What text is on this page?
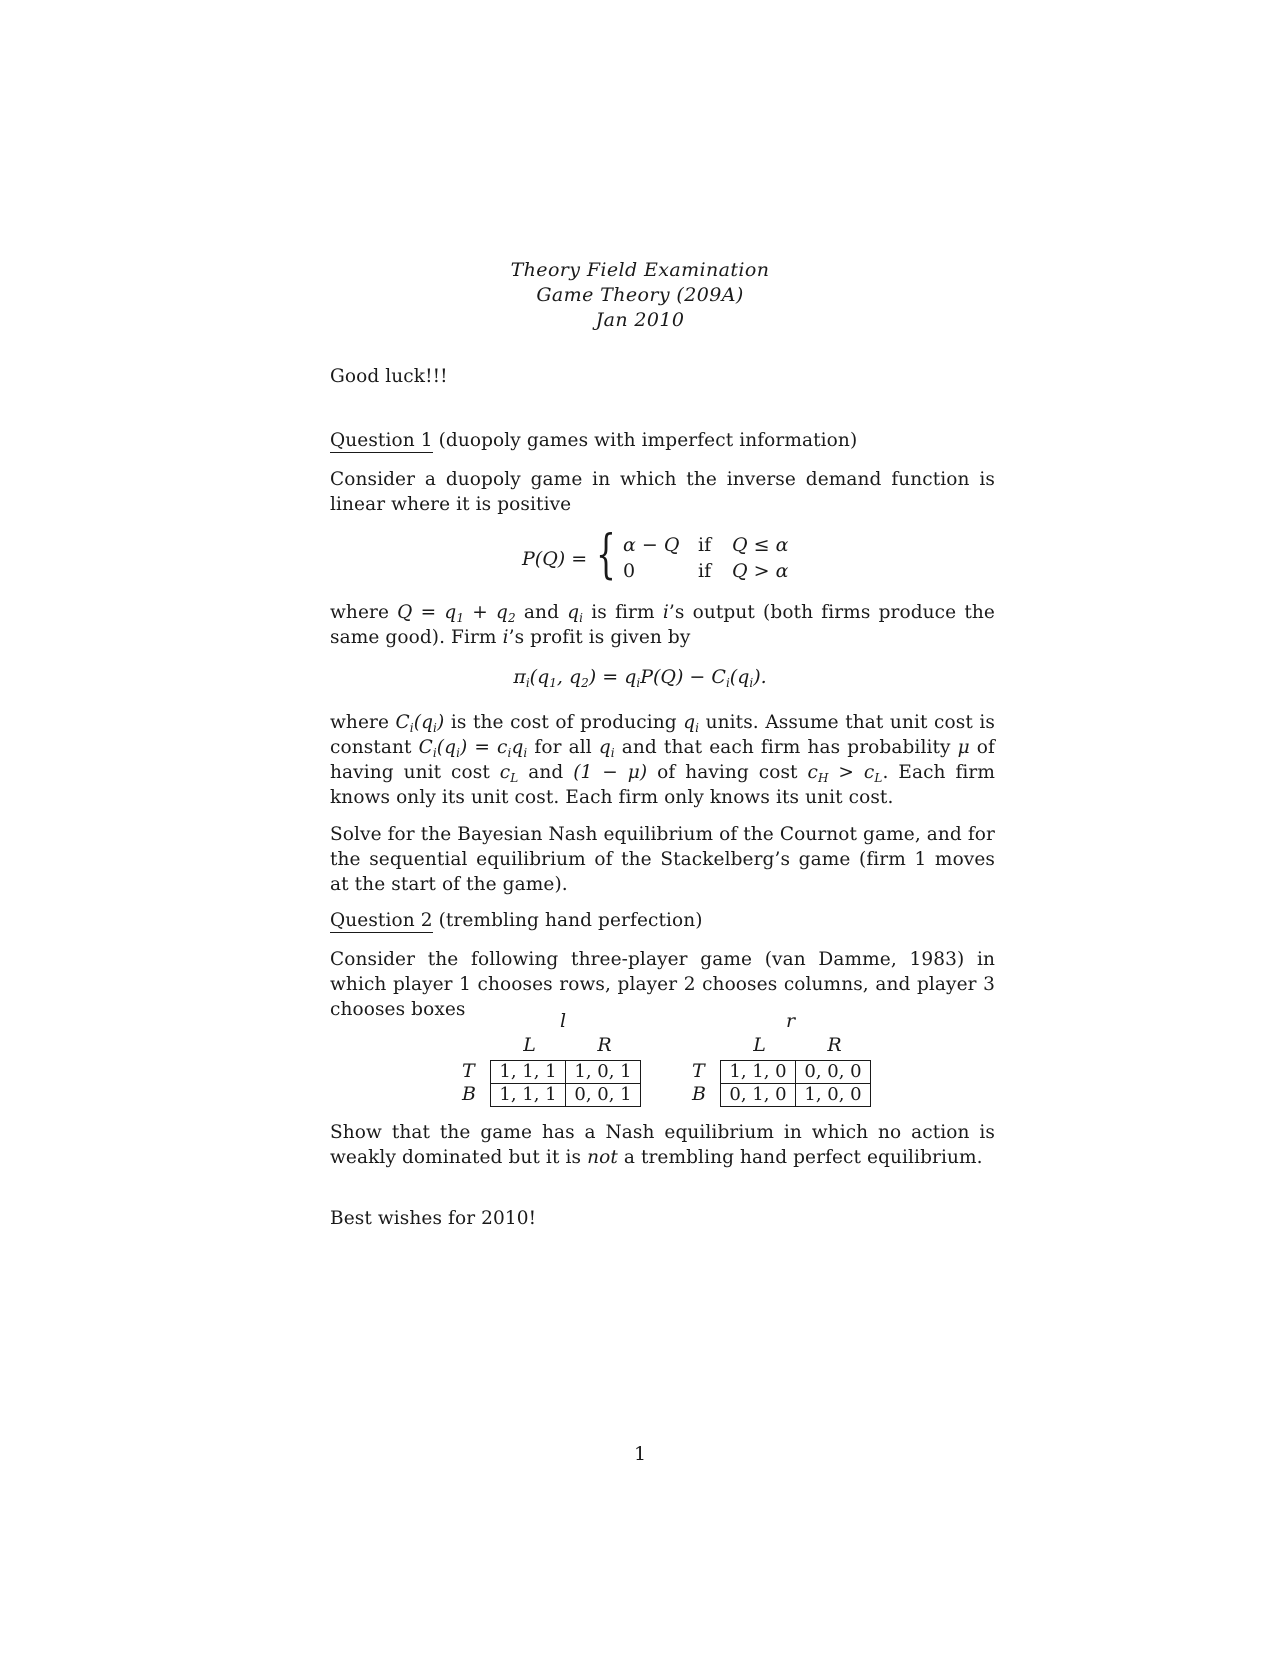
Theory Field Examination
Game Theory (209A)
Jan 2010
Good luck!!!
Question 1 (duopoly games with imperfect information)
Consider a duopoly game in which the inverse demand function is linear where it is positive
P(Q) = { α − Q if Q ≤ α
0	if Q > α
where $Q = q_1 + q_2$ and $q_i$ is firm i’s output (both firms produce the same good). Firm i’s profit is given by
$\pi_i(q_1$, $q_2) = q_iP(Q) - C_i(q_i)$.
where $C_i(q_i)$ is the cost of producing $q_i$ units. Assume that unit cost is constant $C_i(q_i) = c_iq_i$ for all $q_i$ and that each firm has probability μ of having unit cost $c_L$ and (1 − μ) of having cost $c_H > c_L$. Each firm knows only its unit cost. Each firm only knows its unit cost.
Solve for the Bayesian Nash equilibrium of the Cournot game, and for the sequential equilibrium of the Stackelberg’s game (firm 1 moves at the start of the game).
Question 2 (trembling hand perfection)
Consider the following three-player game (van Damme, 1983) in which player 1 chooses rows, player 2 chooses columns, and player 3 chooses boxes
l
L	R
T
B
1, 1, 1	1, 0, 1
1, 1, 1	0, 0, 1
r
L	R
T
B
1, 1, 0	0, 0, 0
0, 1, 0	1, 0, 0
Show that the game has a Nash equilibrium in which no action is weakly dominated but it is not a trembling hand perfect equilibrium.
Best wishes for 2010!
1
